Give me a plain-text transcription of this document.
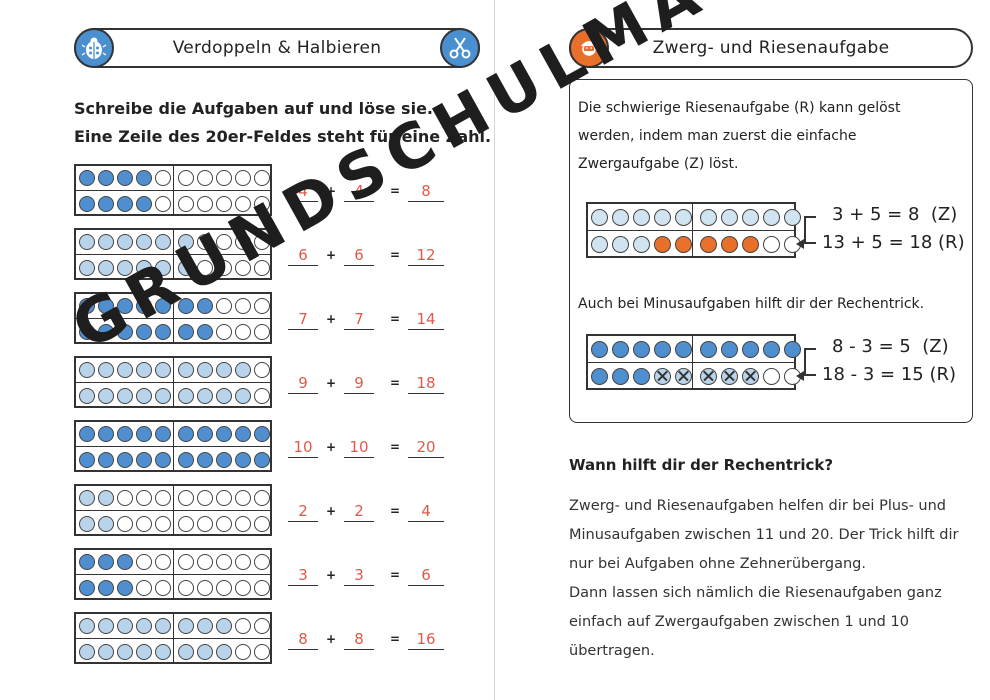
Verdoppeln & Halbieren
Schreibe die Aufgaben auf und löse sie.
Eine Zeile des 20er-Feldes steht für eine Zahl.
4	+	4	=	8
6	+	6	=	12
7	+	7	=	14
9	+	9	=	18
10	+ 10	=	20
2	+	2	=	4
3	+	3	=	6
8	+	8	=	16
Zwerg- und Riesenaufgabe
Die schwierige Riesenaufgabe (R) kann gelöst
werden, indem man zuerst die einfache
Zwergaufgabe (Z) löst.
3 + 5 = 8  (Z)
13 + 5 = 18 (R)
Auch bei Minusaufgaben hilft dir der Rechentrick.
8 - 3 = 5  (Z)
18 - 3 = 15 (R)
Wann hilft dir der Rechentrick?
Zwerg- und Riesenaufgaben helfen dir bei Plus- und
Minusaufgaben zwischen 11 und 20. Der Trick hilft dir
nur bei Aufgaben ohne Zehnerübergang.
Dann lassen sich nämlich die Riesenaufgaben ganz
einfach auf Zwergaufgaben zwischen 1 und 10
übertragen.
